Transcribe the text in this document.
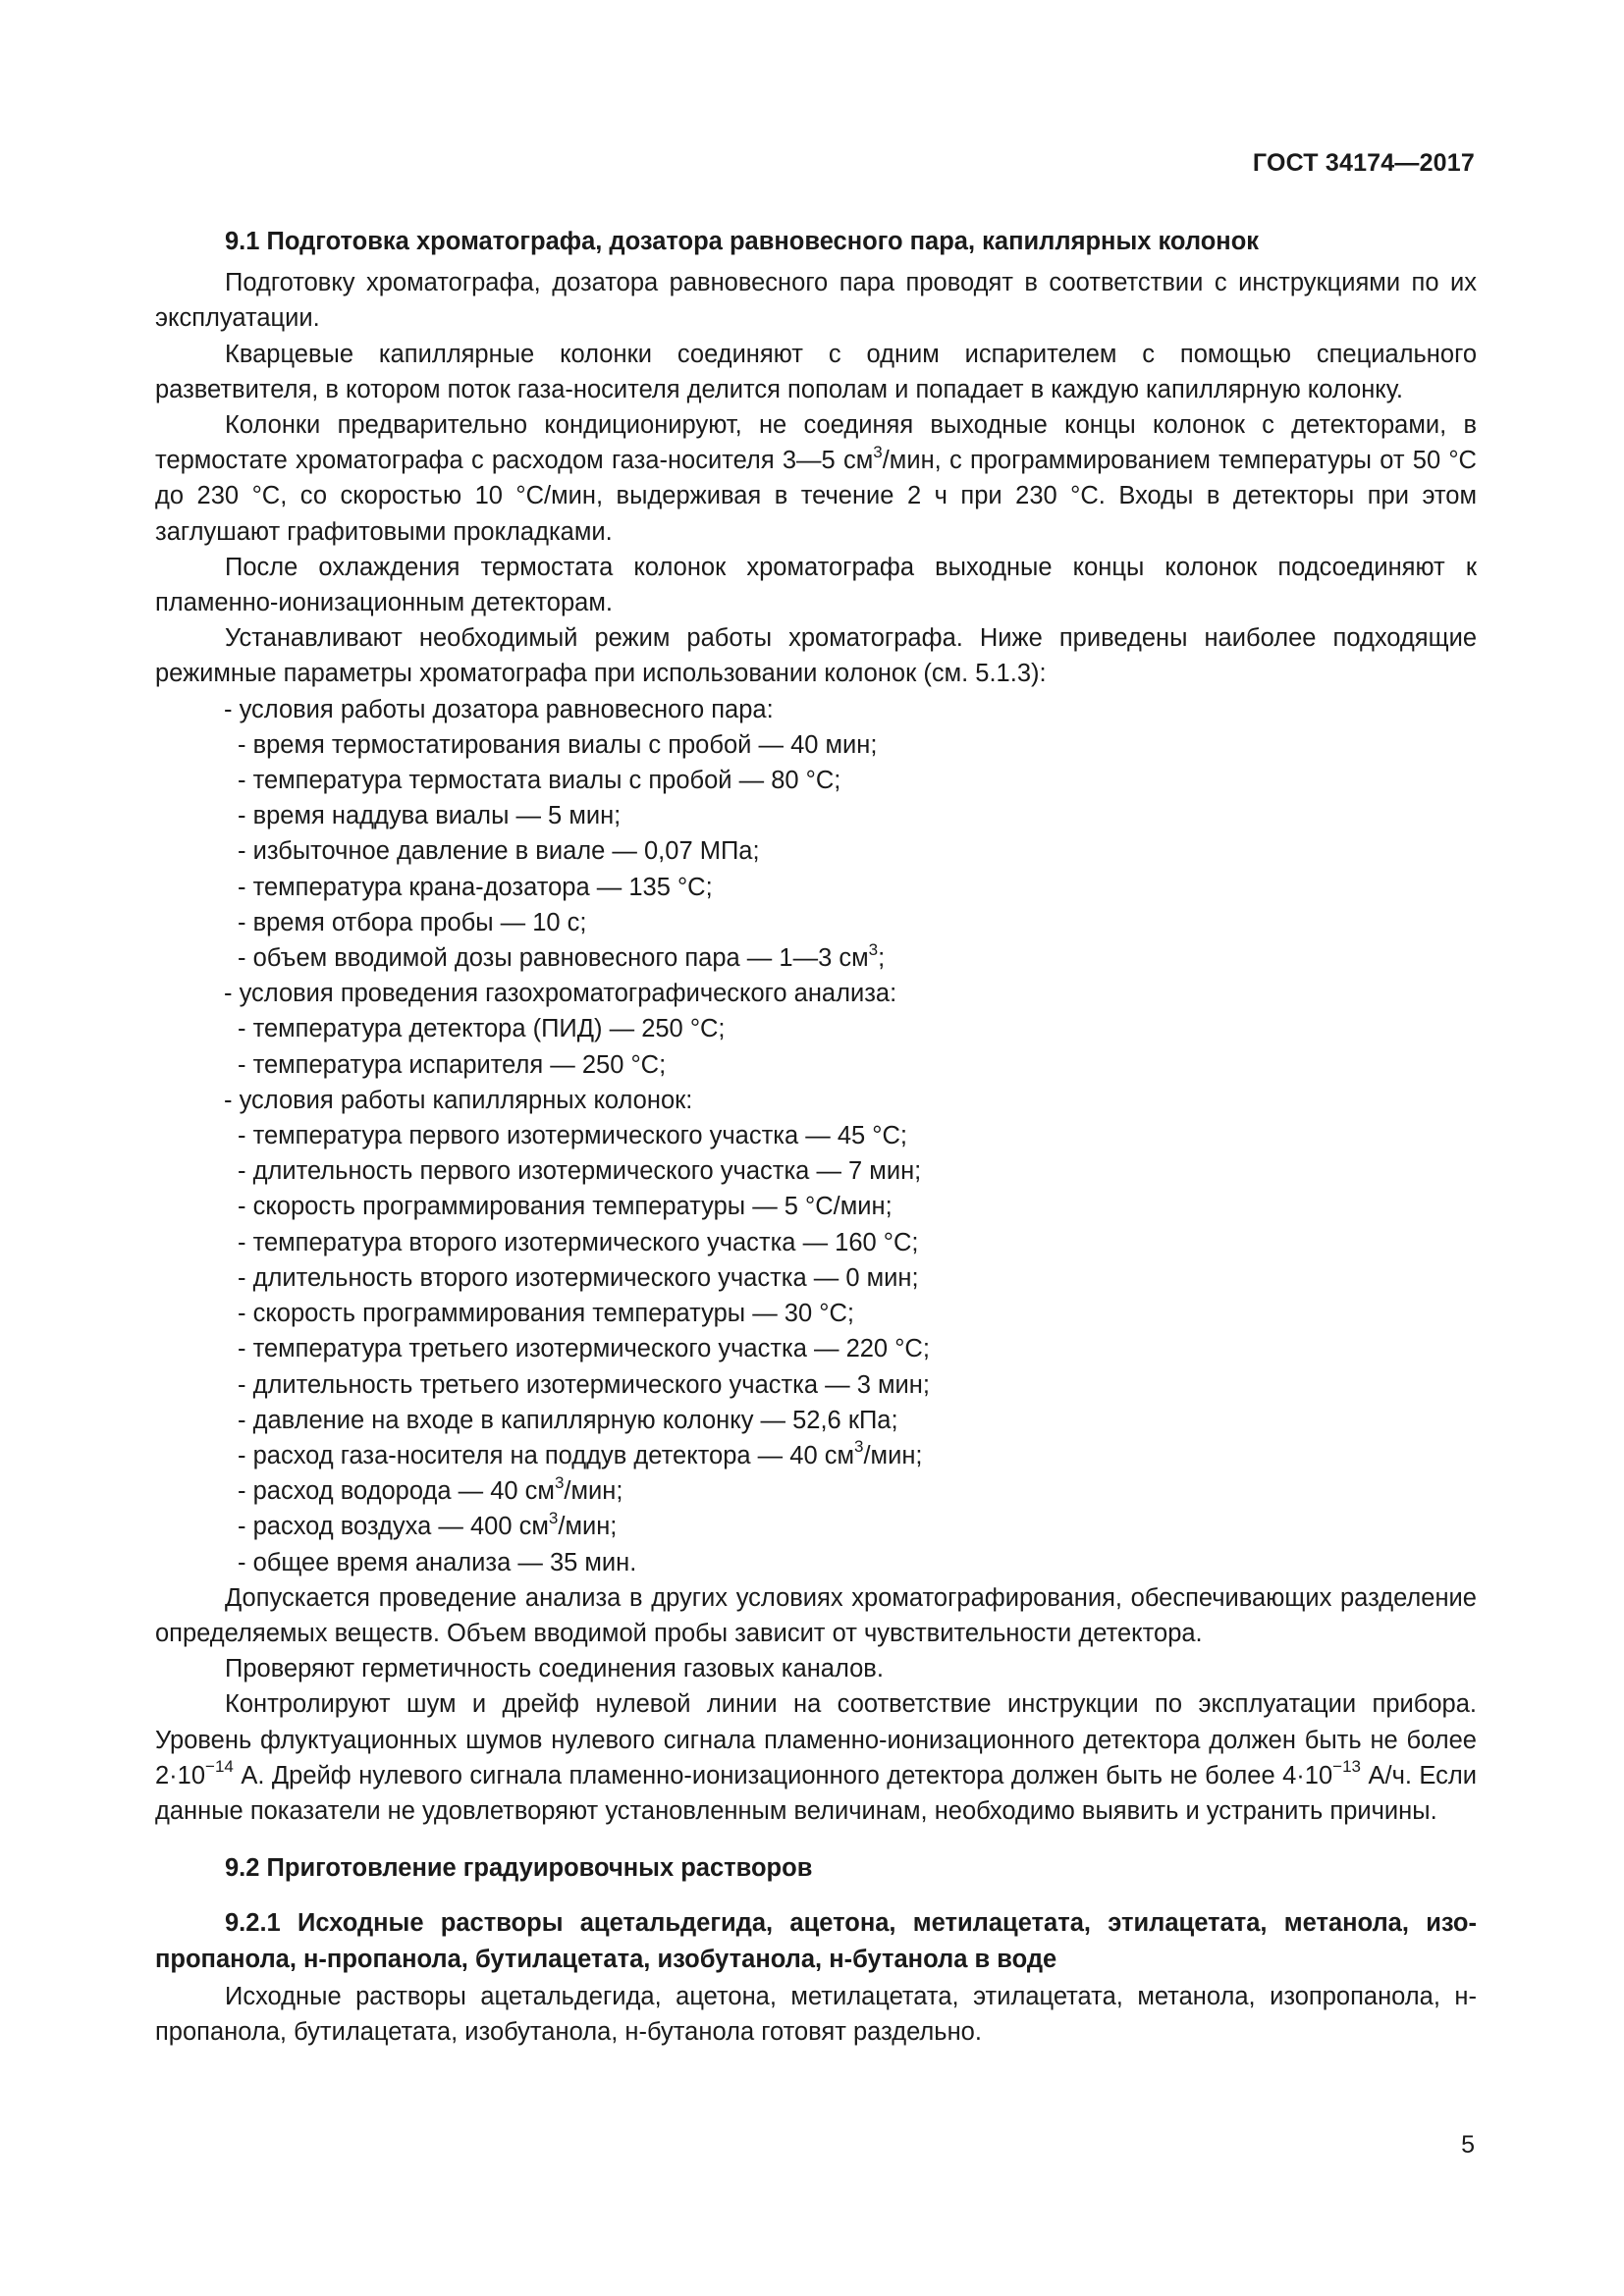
ГОСТ 34174—2017

9.1 Подготовка хроматографа, дозатора равновесного пара, капиллярных колонок

Подготовку хроматографа, дозатора равновесного пара проводят в соответствии с инструкциями по их эксплуатации.

Кварцевые капиллярные колонки соединяют с одним испарителем с помощью специального разветвителя, в котором поток газа-носителя делится пополам и попадает в каждую капиллярную колонку.

Колонки предварительно кондиционируют, не соединяя выходные концы колонок с детекторами, в термостате хроматографа с расходом газа-носителя 3—5 $см^3$/мин, с программированием температуры от 50 °С до 230 °С, со скоростью 10 °С/мин, выдерживая в течение 2 ч при 230 °С. Входы в детекторы при этом заглушают графитовыми прокладками.

После охлаждения термостата колонок хроматографа выходные концы колонок подсоединяют к пламенно-ионизационным детекторам.

Устанавливают необходимый режим работы хроматографа. Ниже приведены наиболее подходящие режимные параметры хроматографа при использовании колонок (см. 5.1.3):

- условия работы дозатора равновесного пара:

- время термостатирования виалы с пробой — 40 мин;

- температура термостата виалы с пробой — 80 °С;

- время наддува виалы — 5 мин;

- избыточное давление в виале — 0,07 МПа;

- температура крана-дозатора — 135 °С;

- время отбора пробы — 10 с;

- объем вводимой дозы равновесного пара — 1—3 $см^3$;

- условия проведения газохроматографического анализа:

- температура детектора (ПИД) — 250 °С;

- температура испарителя — 250 °С;

- условия работы капиллярных колонок:

- температура первого изотермического участка — 45 °С;

- длительность первого изотермического участка — 7 мин;

- скорость программирования температуры — 5 °С/мин;

- температура второго изотермического участка — 160 °С;

- длительность второго изотермического участка — 0 мин;

- скорость программирования температуры — 30 °С;

- температура третьего изотермического участка — 220 °С;

- длительность третьего изотермического участка — 3 мин;

- давление на входе в капиллярную колонку — 52,6 кПа;

- расход газа-носителя на поддув детектора — 40 $см^3$/мин;

- расход водорода — 40 $см^3$/мин;

- расход воздуха — 400 $см^3$/мин;

- общее время анализа — 35 мин.

Допускается проведение анализа в других условиях хроматографирования, обеспечивающих разделение определяемых веществ. Объем вводимой пробы зависит от чувствительности детектора.

Проверяют герметичность соединения газовых каналов.

Контролируют шум и дрейф нулевой линии на соответствие инструкции по эксплуатации прибора. Уровень флуктуационных шумов нулевого сигнала пламенно-ионизационного детектора должен быть не более $2\cdot 10^{-14}$ А. Дрейф нулевого сигнала пламенно-ионизационного детектора должен быть не более $4\cdot 10^{-13}$ А/ч. Если данные показатели не удовлетворяют установленным величинам, необходимо выявить и устранить причины.

9.2 Приготовление градуировочных растворов

9.2.1 Исходные растворы ацетальдегида, ацетона, метилацетата, этилацетата, метанола, изо-пропанола, н-пропанола, бутилацетата, изобутанола, н-бутанола в воде

Исходные растворы ацетальдегида, ацетона, метилацетата, этилацетата, метанола, изопропанола, н-пропанола, бутилацетата, изобутанола, н-бутанола готовят раздельно.

5
